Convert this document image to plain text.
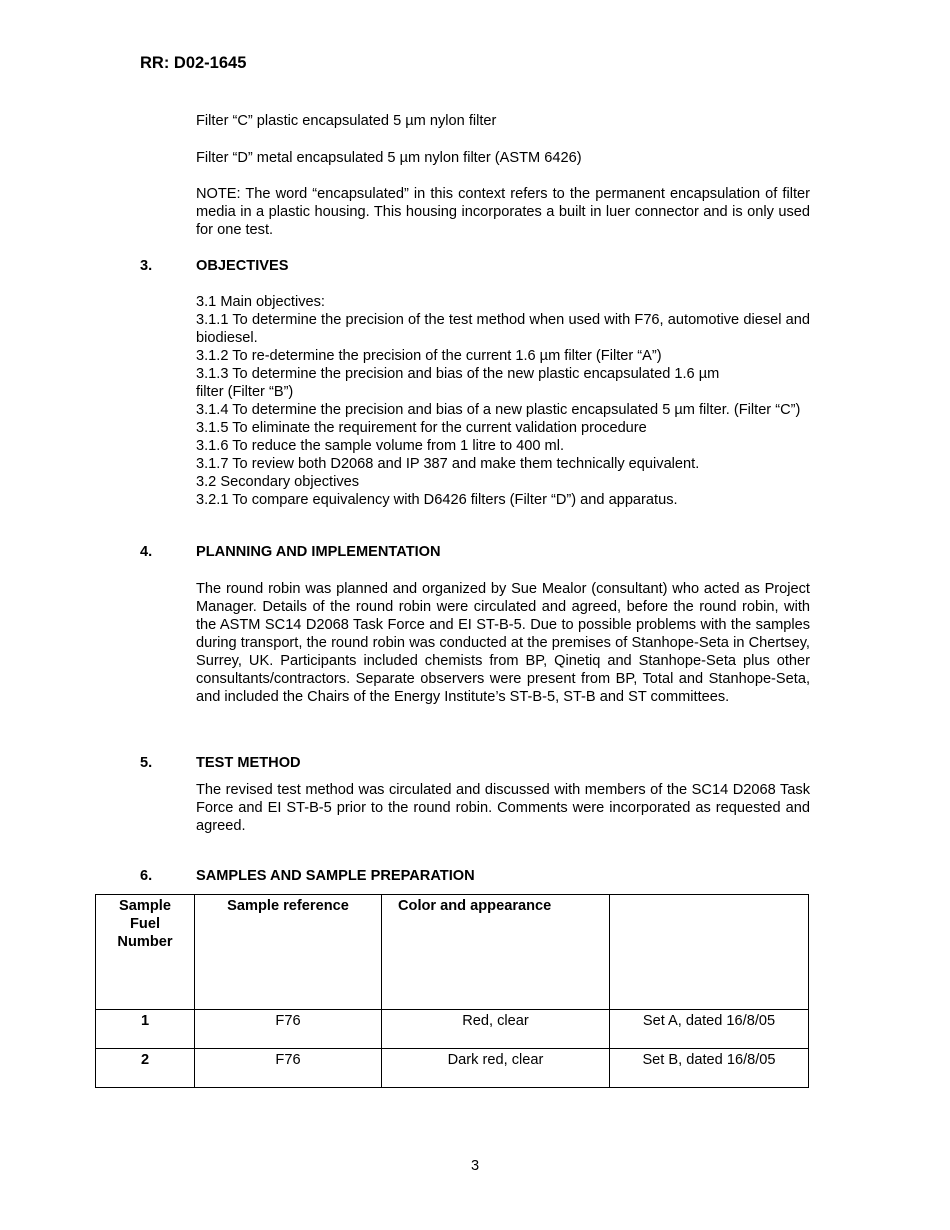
RR: D02-1645
Filter “C” plastic encapsulated 5 µm nylon filter
Filter “D” metal encapsulated 5 µm nylon filter (ASTM 6426)
NOTE: The word “encapsulated” in this context refers to the permanent encapsulation of filter media in a plastic housing. This housing incorporates a built in luer connector and is only used for one test.
3.	OBJECTIVES
3.1 Main objectives:
3.1.1 To determine the precision of the test method when used with F76, automotive diesel and biodiesel.
3.1.2 To re-determine the precision of the current 1.6 µm filter (Filter “A”)
3.1.3 To determine the precision and bias of the new plastic encapsulated 1.6 µm
filter (Filter “B”)
3.1.4 To determine the precision and bias of a new plastic encapsulated 5 µm filter. (Filter “C”)
3.1.5 To eliminate the requirement for the current validation procedure
3.1.6 To reduce the sample volume from 1 litre to 400 ml.
3.1.7 To review both D2068 and IP 387 and make them technically equivalent.
3.2 Secondary objectives
3.2.1 To compare equivalency with D6426 filters (Filter “D”) and apparatus.
4.	PLANNING AND IMPLEMENTATION
The round robin was planned and organized by Sue Mealor (consultant) who acted as Project Manager. Details of the round robin were circulated and agreed, before the round robin, with the ASTM SC14 D2068 Task Force and EI ST-B-5. Due to possible problems with the samples during transport, the round robin was conducted at the premises of Stanhope-Seta in Chertsey, Surrey, UK. Participants included chemists from BP, Qinetiq and Stanhope-Seta plus other consultants/contractors. Separate observers were present from BP, Total and Stanhope-Seta, and included the Chairs of the Energy Institute’s ST-B-5, ST-B and ST committees.
5.	TEST METHOD
The revised test method was circulated and discussed with members of the SC14 D2068 Task Force and EI ST-B-5 prior to the round robin. Comments were incorporated as requested and agreed.
6.	SAMPLES AND SAMPLE PREPARATION
Sample Fuel Number	Sample reference	Color and appearance	

1	F76	Red, clear	Set A, dated 16/8/05
2	F76	Dark red, clear	Set B, dated 16/8/05
3
